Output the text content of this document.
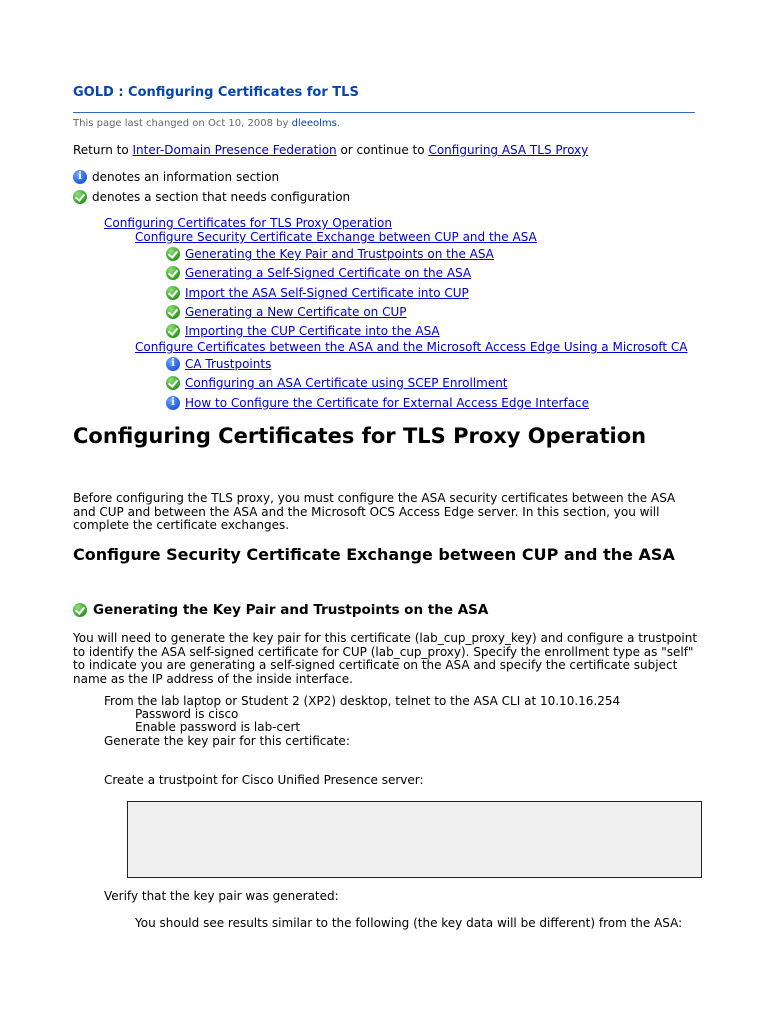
GOLD : Configuring Certificates for TLS
This page last changed on Oct 10, 2008 by dleeolms.
Return to Inter-Domain Presence Federation or continue to Configuring ASA TLS Proxy
i
denotes an information section
denotes a section that needs configuration
Configuring Certificates for TLS Proxy Operation
Configure Security Certificate Exchange between CUP and the ASA
Generating the Key Pair and Trustpoints on the ASA
Generating a Self-Signed Certificate on the ASA
Import the ASA Self-Signed Certificate into CUP
Generating a New Certificate on CUP
Importing the CUP Certificate into the ASA
Configure Certificates between the ASA and the Microsoft Access Edge Using a Microsoft CA
i
CA Trustpoints
Configuring an ASA Certificate using SCEP Enrollment
i
How to Configure the Certificate for External Access Edge Interface
Configuring Certificates for TLS Proxy Operation

Before configuring the TLS proxy, you must configure the ASA security certificates between the ASA and CUP and between the ASA and the Microsoft OCS Access Edge server. In this section, you will complete the certificate exchanges.

Configure Security Certificate Exchange between CUP and the ASA
Generating the Key Pair and Trustpoints on the ASA

You will need to generate the key pair for this certificate (lab_cup_proxy_key) and configure a trustpoint to identify the ASA self-signed certificate for CUP (lab_cup_proxy). Specify the enrollment type as "self" to indicate you are generating a self-signed certificate on the ASA and specify the certificate subject name as the IP address of the inside interface.

From the lab laptop or Student 2 (XP2) desktop, telnet to the ASA CLI at 10.10.16.254
Password is cisco
Enable password is lab-cert
Generate the key pair for this certificate:
Create a trustpoint for Cisco Unified Presence server:
Verify that the key pair was generated:
You should see results similar to the following (the key data will be different) from the ASA:
